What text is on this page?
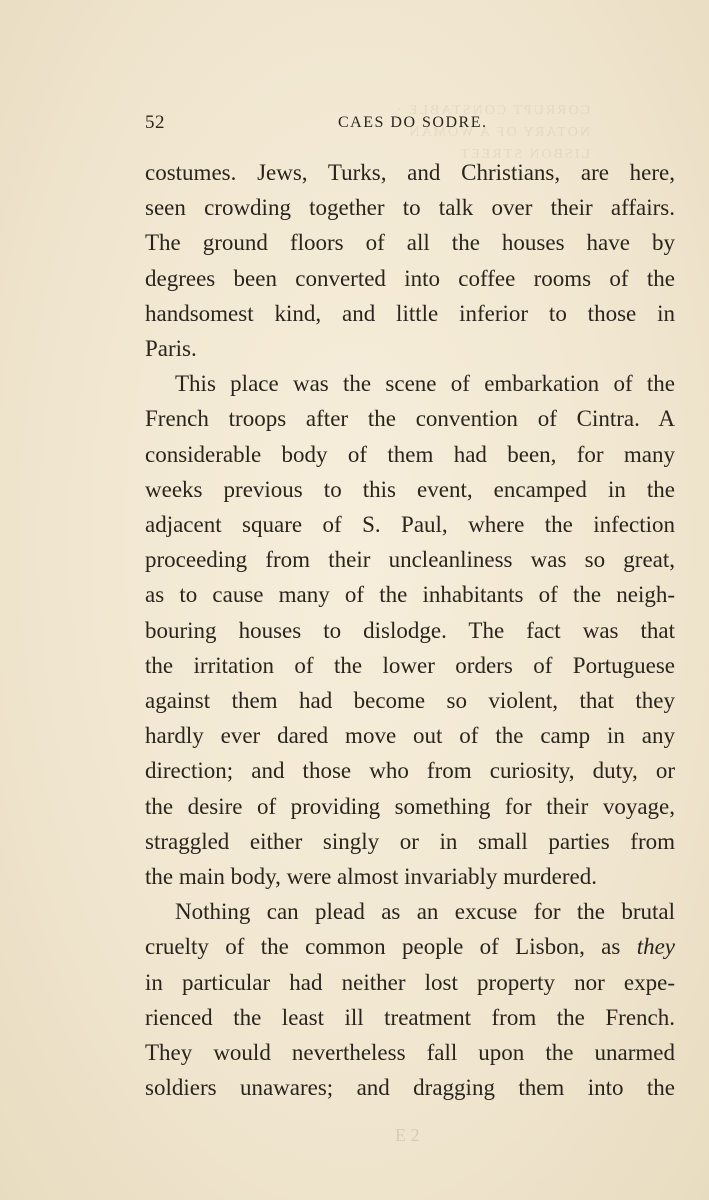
CORRUPT CONSTABLE · NOTARY OF A WOMAN
LISBON STREET
52	CAES DO SODRE.

costumes. Jews, Turks, and Christians, are here,
seen crowding together to talk over their affairs.
The ground floors of all the houses have by
degrees been converted into coffee rooms of the
handsomest kind, and little inferior to those in
Paris.

This place was the scene of embarkation of the
French troops after the convention of Cintra. A
considerable body of them had been, for many
weeks previous to this event, encamped in the
adjacent square of S. Paul, where the infection
proceeding from their uncleanliness was so great,
as to cause many of the inhabitants of the neigh-
bouring houses to dislodge. The fact was that
the irritation of the lower orders of Portuguese
against them had become so violent, that they
hardly ever dared move out of the camp in any
direction; and those who from curiosity, duty, or
the desire of providing something for their voyage,
straggled either singly or in small parties from
the main body, were almost invariably murdered.

Nothing can plead as an excuse for the brutal
cruelty of the common people of Lisbon, as they
in particular had neither lost property nor expe-
rienced the least ill treatment from the French.
They would nevertheless fall upon the unarmed
soldiers unawares; and dragging them into the

E 2
